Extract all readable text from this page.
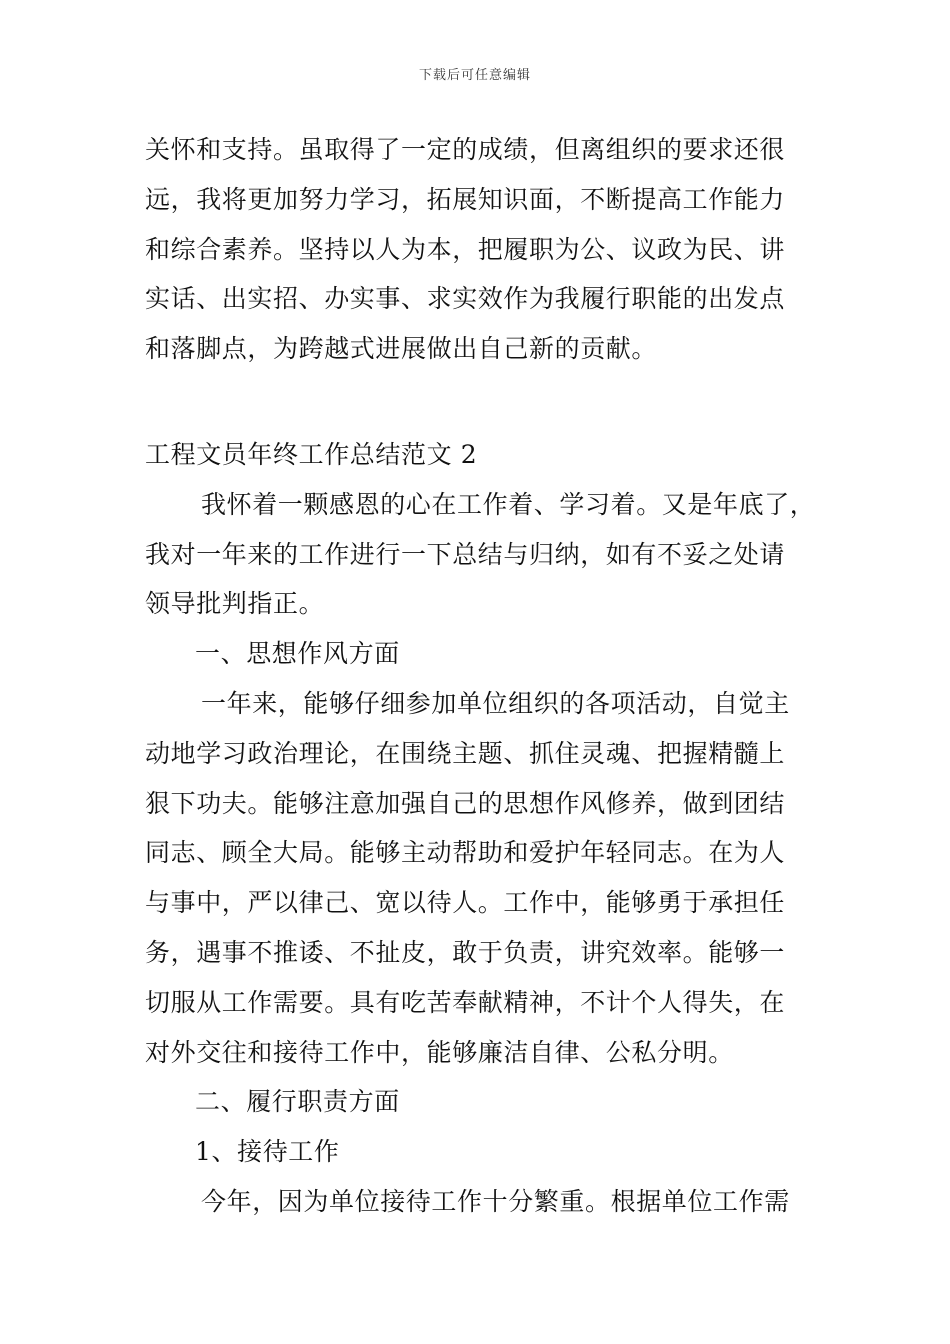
下载后可任意编辑
关怀和支持。虽取得了一定的成绩，但离组织的要求还很
远，我将更加努力学习，拓展知识面，不断提高工作能力
和综合素养。坚持以人为本，把履职为公、议政为民、讲
实话、出实招、办实事、求实效作为我履行职能的出发点
和落脚点，为跨越式进展做出自己新的贡献。
工程文员年终工作总结范文 2
我怀着一颗感恩的心在工作着、学习着。又是年底了，
我对一年来的工作进行一下总结与归纳，如有不妥之处请
领导批判指正。
一、思想作风方面
一年来，能够仔细参加单位组织的各项活动，自觉主
动地学习政治理论，在围绕主题、抓住灵魂、把握精髓上
狠下功夫。能够注意加强自己的思想作风修养，做到团结
同志、顾全大局。能够主动帮助和爱护年轻同志。在为人
与事中，严以律己、宽以待人。工作中，能够勇于承担任
务，遇事不推诿、不扯皮，敢于负责，讲究效率。能够一
切服从工作需要。具有吃苦奉献精神，不计个人得失，在
对外交往和接待工作中，能够廉洁自律、公私分明。
二、履行职责方面
1、接待工作
今年，因为单位接待工作十分繁重。根据单位工作需
